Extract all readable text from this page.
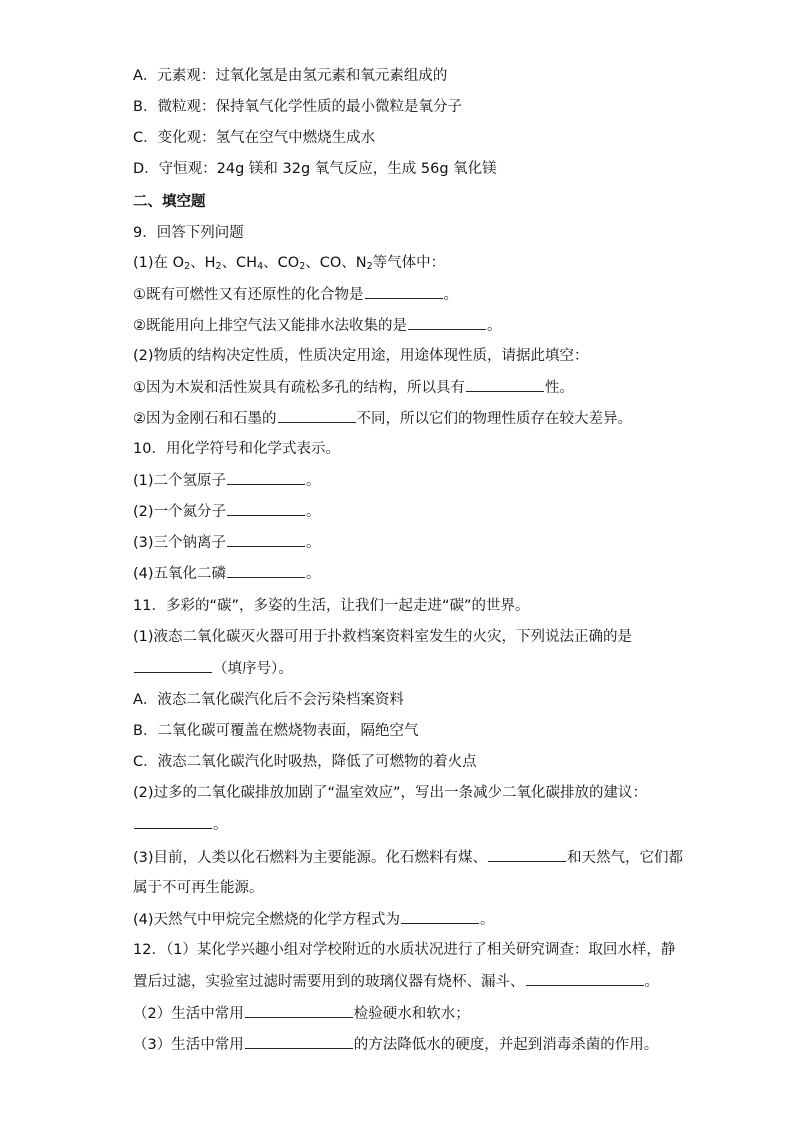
A．元素观：过氧化氢是由氢元素和氧元素组成的
B．微粒观：保持氧气化学性质的最小微粒是氧分子
C．变化观：氢气在空气中燃烧生成水
D．守恒观：24g 镁和 32g 氧气反应，生成 56g 氧化镁
二、填空题
9．回答下列问题
(1)在 $O_2$、$H_2$、$CH_4$、$CO_2$、CO、$N_2$等气体中：
①既有可燃性又有还原性的化合物是	。
②既能用向上排空气法又能排水法收集的是	。
(2)物质的结构决定性质，性质决定用途，用途体现性质，请据此填空：
①因为木炭和活性炭具有疏松多孔的结构，所以具有	性。
②因为金刚石和石墨的	不同，所以它们的物理性质存在较大差异。
10．用化学符号和化学式表示。
(1)二个氢原子	。
(2)一个氮分子	。
(3)三个钠离子	。
(4)五氧化二磷	。
11．多彩的“碳”，多姿的生活，让我们一起走进“碳”的世界。
(1)液态二氧化碳灭火器可用于扑救档案资料室发生的火灾，下列说法正确的是
（填序号）。
A．液态二氧化碳汽化后不会污染档案资料
B．二氧化碳可覆盖在燃烧物表面，隔绝空气
C．液态二氧化碳汽化时吸热，降低了可燃物的着火点
(2)过多的二氧化碳排放加剧了“温室效应”，写出一条减少二氧化碳排放的建议：
。
(3)目前，人类以化石燃料为主要能源。化石燃料有煤、	和天然气，它们都
属于不可再生能源。
(4)天然气中甲烷完全燃烧的化学方程式为	。
12．（1）某化学兴趣小组对学校附近的水质状况进行了相关研究调查：取回水样，静
置后过滤，实验室过滤时需要用到的玻璃仪器有烧杯、漏斗、	。
（2）生活中常用	检验硬水和软水；
（3）生活中常用	的方法降低水的硬度，并起到消毒杀菌的作用。
